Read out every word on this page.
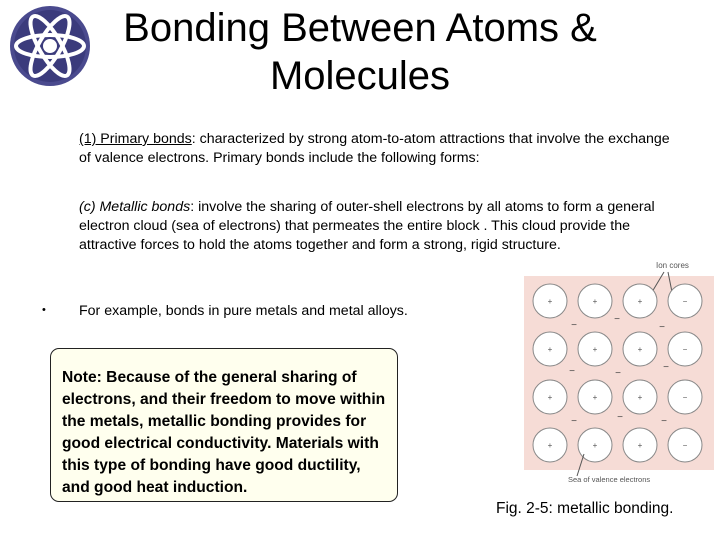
Bonding Between Atoms & Molecules

(1) Primary bonds: characterized by strong atom-to-atom attractions that involve the exchange of valence electrons. Primary bonds include the following forms:

(c) Metallic bonds: involve the sharing of outer-shell electrons by all atoms to form a general electron cloud (sea of electrons) that permeates the entire block . This cloud provide the attractive forces to hold the atoms together and form a strong, rigid structure.

• For example, bonds in pure metals and metal alloys.

Note: Because of the general sharing of electrons, and their freedom to move within the metals, metallic bonding provides for good electrical conductivity. Materials with this type of bonding have good ductility, and good heat induction.
Ion cores
+	+	+	−
+	+	+	−
+	+	+	−
+	+	+	−
−
−
−
−	−
−
−	−	−
Sea of valence electrons
Fig. 2-5: metallic bonding.
